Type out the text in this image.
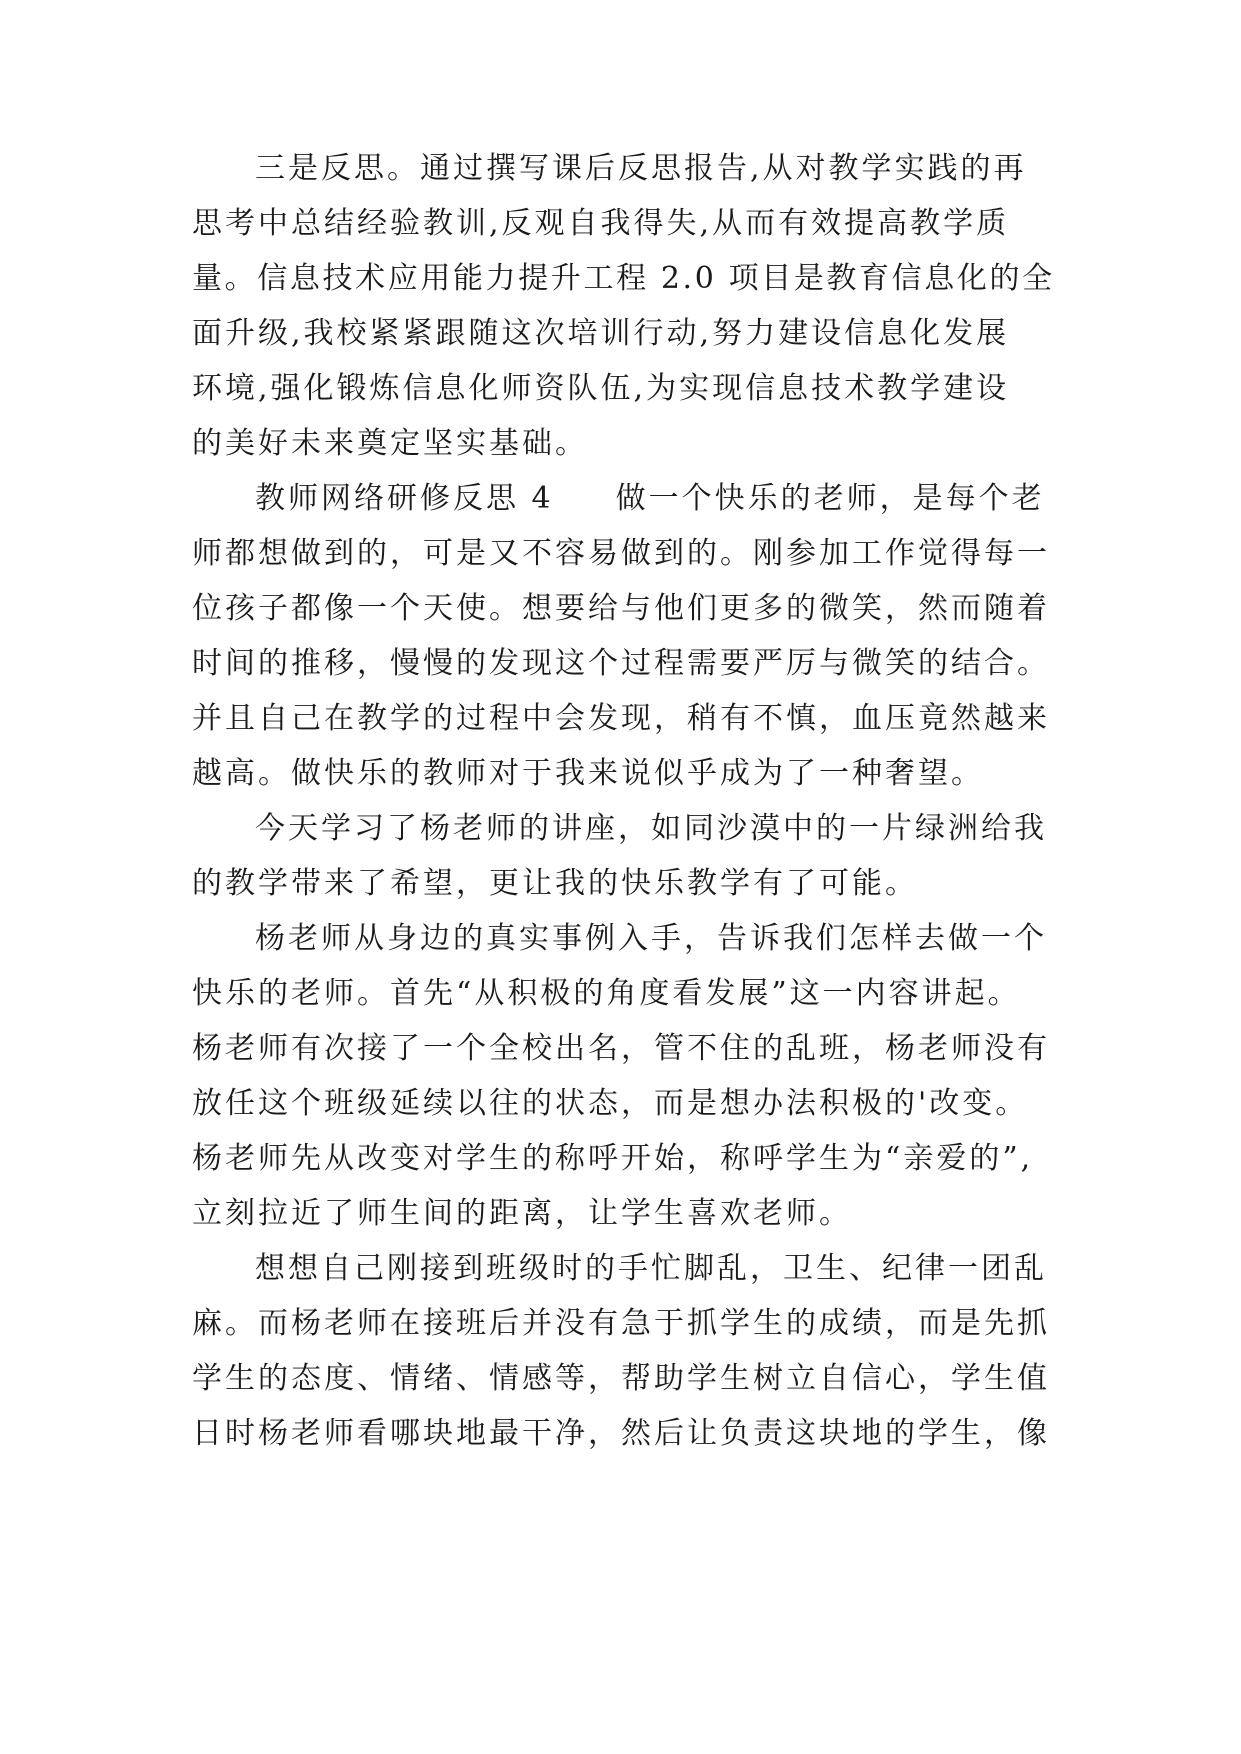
三是反思。通过撰写课后反思报告,从对教学实践的再

思考中总结经验教训,反观自我得失,从而有效提高教学质

量。信息技术应用能力提升工程 2.0 项目是教育信息化的全

面升级,我校紧紧跟随这次培训行动,努力建设信息化发展

环境,强化锻炼信息化师资队伍,为实现信息技术教学建设

的美好未来奠定坚实基础。

教师网络研修反思 4 做一个快乐的老师，是每个老

师都想做到的，可是又不容易做到的。刚参加工作觉得每一

位孩子都像一个天使。想要给与他们更多的微笑，然而随着

时间的推移，慢慢的发现这个过程需要严厉与微笑的结合。

并且自己在教学的过程中会发现，稍有不慎，血压竟然越来

越高。做快乐的教师对于我来说似乎成为了一种奢望。

今天学习了杨老师的讲座，如同沙漠中的一片绿洲给我

的教学带来了希望，更让我的快乐教学有了可能。

杨老师从身边的真实事例入手，告诉我们怎样去做一个

快乐的老师。首先“从积极的角度看发展”这一内容讲起。

杨老师有次接了一个全校出名，管不住的乱班，杨老师没有

放任这个班级延续以往的状态，而是想办法积极的'改变。

杨老师先从改变对学生的称呼开始，称呼学生为“亲爱的”,

立刻拉近了师生间的距离，让学生喜欢老师。

想想自己刚接到班级时的手忙脚乱，卫生、纪律一团乱

麻。而杨老师在接班后并没有急于抓学生的成绩，而是先抓

学生的态度、情绪、情感等，帮助学生树立自信心，学生值

日时杨老师看哪块地最干净，然后让负责这块地的学生，像
